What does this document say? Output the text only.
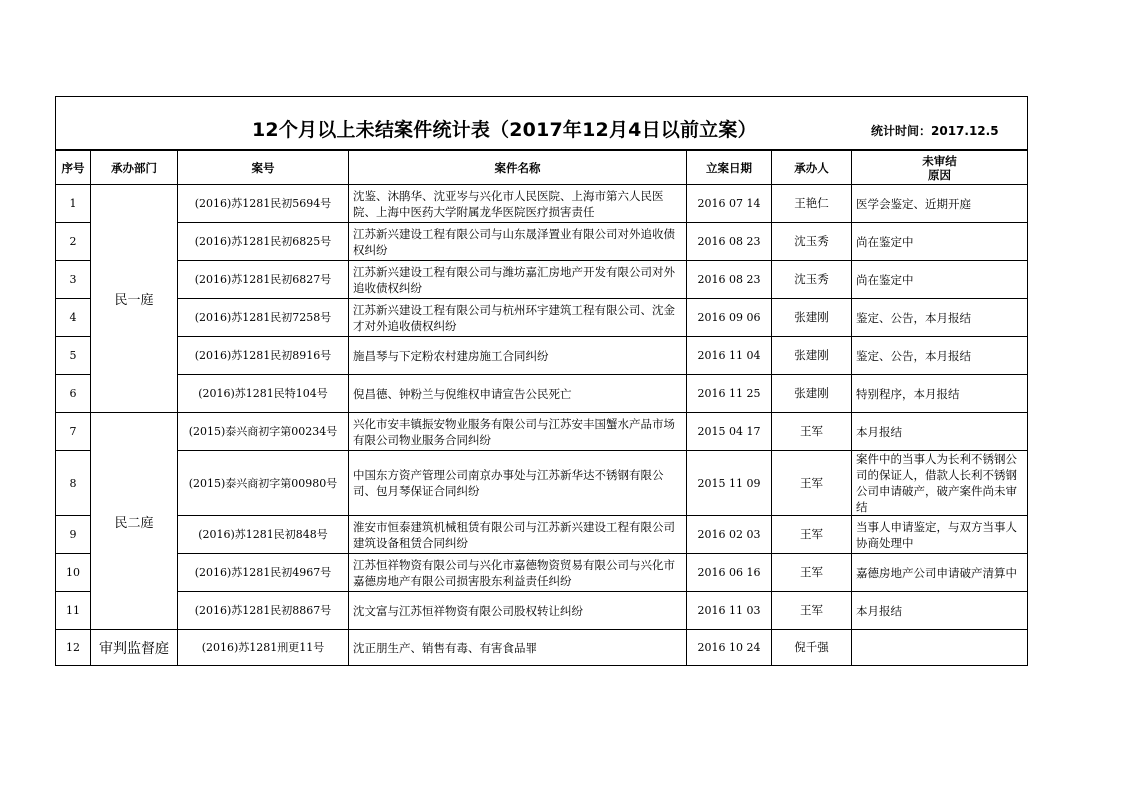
12个月以上未结案件统计表（2017年12月4日以前立案） 统计时间：2017.12.5						

序号	承办部门	案号	案件名称	立案日期	承办人	未审结
原因

1	民一庭	(2016)苏1281民初5694号	沈鉴、沐鹃华、沈亚岑与兴化市人民医院、上海市第六人民医院、上海中医药大学附属龙华医院医疗损害责任	2016 07 14	王艳仁	医学会鉴定、近期开庭
2		(2016)苏1281民初6825号	江苏新兴建设工程有限公司与山东晟泽置业有限公司对外追收债权纠纷	2016 08 23	沈玉秀	尚在鉴定中
3		(2016)苏1281民初6827号	江苏新兴建设工程有限公司与潍坊嘉汇房地产开发有限公司对外追收债权纠纷	2016 08 23	沈玉秀	尚在鉴定中
4		(2016)苏1281民初7258号	江苏新兴建设工程有限公司与杭州环宇建筑工程有限公司、沈金才对外追收债权纠纷	2016 09 06	张建刚	鉴定、公告，本月报结
5		(2016)苏1281民初8916号	施昌琴与下定粉农村建房施工合同纠纷	2016 11 04	张建刚	鉴定、公告，本月报结
6		(2016)苏1281民特104号	倪昌德、钟粉兰与倪维权申请宣告公民死亡	2016 11 25	张建刚	特别程序，本月报结
7	民二庭	(2015)泰兴商初字第00234号	兴化市安丰镇振安物业服务有限公司与江苏安丰国蟹水产品市场有限公司物业服务合同纠纷	2015 04 17	王军	本月报结
8		(2015)泰兴商初字第00980号	中国东方资产管理公司南京办事处与江苏新华达不锈钢有限公司、包月琴保证合同纠纷	2015 11 09	王军	案件中的当事人为长利不锈钢公司的保证人，借款人长利不锈钢公司申请破产，破产案件尚未审结
9		(2016)苏1281民初848号	淮安市恒泰建筑机械租赁有限公司与江苏新兴建设工程有限公司建筑设备租赁合同纠纷	2016 02 03	王军	当事人申请鉴定，与双方当事人协商处理中
10		(2016)苏1281民初4967号	江苏恒祥物资有限公司与兴化市嘉德物资贸易有限公司与兴化市嘉德房地产有限公司损害股东利益责任纠纷	2016 06 16	王军	嘉德房地产公司申请破产清算中
11		(2016)苏1281民初8867号	沈文富与江苏恒祥物资有限公司股权转让纠纷	2016 11 03	王军	本月报结
12	审判监督庭	(2016)苏1281刑更11号	沈正朋生产、销售有毒、有害食品罪	2016 10 24	倪千强	
